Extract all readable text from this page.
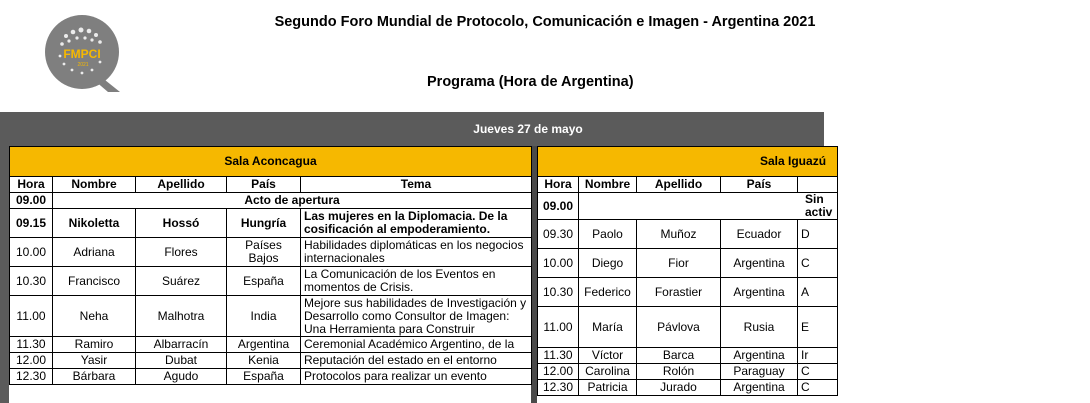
FMPCI
2021
Segundo Foro Mundial de Protocolo, Comunicación e Imagen - Argentina 2021
Programa (Hora de Argentina)
Jueves 27 de mayo
Sala Aconcagua				
Hora	Nombre	Apellido	País	Tema
09.00	Acto de apertura			
09.15	Nikoletta	Hossó	Hungría	Las mujeres en la Diplomacia. De la cosificación al empoderamiento.
10.00	Adriana	Flores	Países Bajos	Habilidades diplomáticas en los negocios internacionales
10.30	Francisco	Suárez	España	La Comunicación de los Eventos en momentos de Crisis.
11.00	Neha	Malhotra	India	Mejore sus habilidades de Investigación y Desarrollo como Consultor de Imagen: Una Herramienta para Construir
11.30	Ramiro	Albarracín	Argentina	Ceremonial Académico Argentino, de la
12.00	Yasir	Dubat	Kenia	Reputación del estado en el entorno
12.30	Bárbara	Agudo	España	Protocolos para realizar un evento
Sala Iguazú				
Hora	Nombre	Apellido	País	
09.00	Sin activ			
09.30	Paolo	Muñoz	Ecuador	D
10.00	Diego	Fior	Argentina	C
10.30	Federico	Forastier	Argentina	A
11.00	María	Pávlova	Rusia	E
11.30	Víctor	Barca	Argentina	Ir
12.00	Carolina	Rolón	Paraguay	C
12.30	Patricia	Jurado	Argentina	C
